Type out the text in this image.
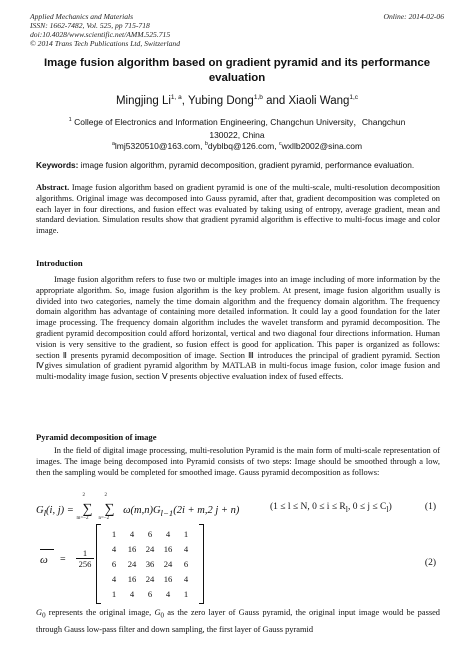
Applied Mechanics and Materials
ISSN: 1662-7482, Vol. 525, pp 715-718
doi:10.4028/www.scientific.net/AMM.525.715
© 2014 Trans Tech Publications Ltd, Switzerland
Online: 2014-02-06
Image fusion algorithm based on gradient pyramid and its performance evaluation
Mingjing Li$^{1, a}$, Yubing Dong$^{1,b}$ and Xiaoli Wang$^{1,c}$
$^1$ College of Electronics and Information Engineering, Changchun University，Changchun
130022, China
$^a$lmj5320510@163.com, $^b$dyblbq@126.com, $^c$wxllb2002@sina.com
Keywords: image fusion algorithm, pyramid decomposition, gradient pyramid, performance evaluation.
Abstract. Image fusion algorithm based on gradient pyramid is one of the multi-scale, multi-resolution decomposition algorithms. Original image was decomposed into Gauss pyramid, after that, gradient decomposition was completed on each layer in four directions, and fusion effect was evaluated by taking using of entropy, average gradient, mean and standard deviation. Simulation results show that gradient pyramid algorithm is effective to multi-focus image and color image.
Introduction
Image fusion algorithm refers to fuse two or multiple images into an image including of more information by the appropriate algorithm. So, image fusion algorithm is the key problem. At present, image fusion algorithm usually is divided into two categories, namely the time domain algorithm and the frequency domain algorithm. The frequency domain algorithm has advantage of containing more detailed information. It could lay a good foundation for the later image processing. The frequency domain algorithm includes the wavelet transform and pyramid decomposition. The gradient pyramid decomposition could afford horizontal, vertical and two diagonal four directions information. Human vision is very sensitive to the gradient, so fusion effect is good for application. This paper is organized as follows: section Ⅱ presents pyramid decomposition of image. Section Ⅲ introduces the principal of gradient pyramid. Section Ⅳgives simulation of gradient pyramid algorithm by MATLAB in multi-focus image fusion, color image fusion and multi-modality image fusion, section Ⅴ presents objective evaluation index of fused effects.
Pyramid decomposition of image
In the field of digital image processing, multi-resolution Pyramid is the main form of multi-scale representation of images. The image being decomposed into Pyramid consists of two steps: Image should be smoothed through a low, then the sampling would be completed for smoothed image. Gauss pyramid decomposition as follows:
$G_l(i$, j) = ∑
2
m=−2
∑
2
n=−2
$\omega(m,n)G_{l-1}(2i + m,2$ j + n)	(1 ≤ l ≤ N, $0 \le i \le R_l$, $0 \le j \le C_l$)	(1)
$\omega = \frac{1}{256}$
1	4	6	4	1
4	16	24	16	4
6	24	36	24	6
4	16	24	16	4
1	4	6	4	1
(2)
$G_0$ represents the original image, $G_0$ as the zero layer of Gauss pyramid, the original input image would be passed through Gauss low-pass filter and down sampling, the first layer of Gauss pyramid
